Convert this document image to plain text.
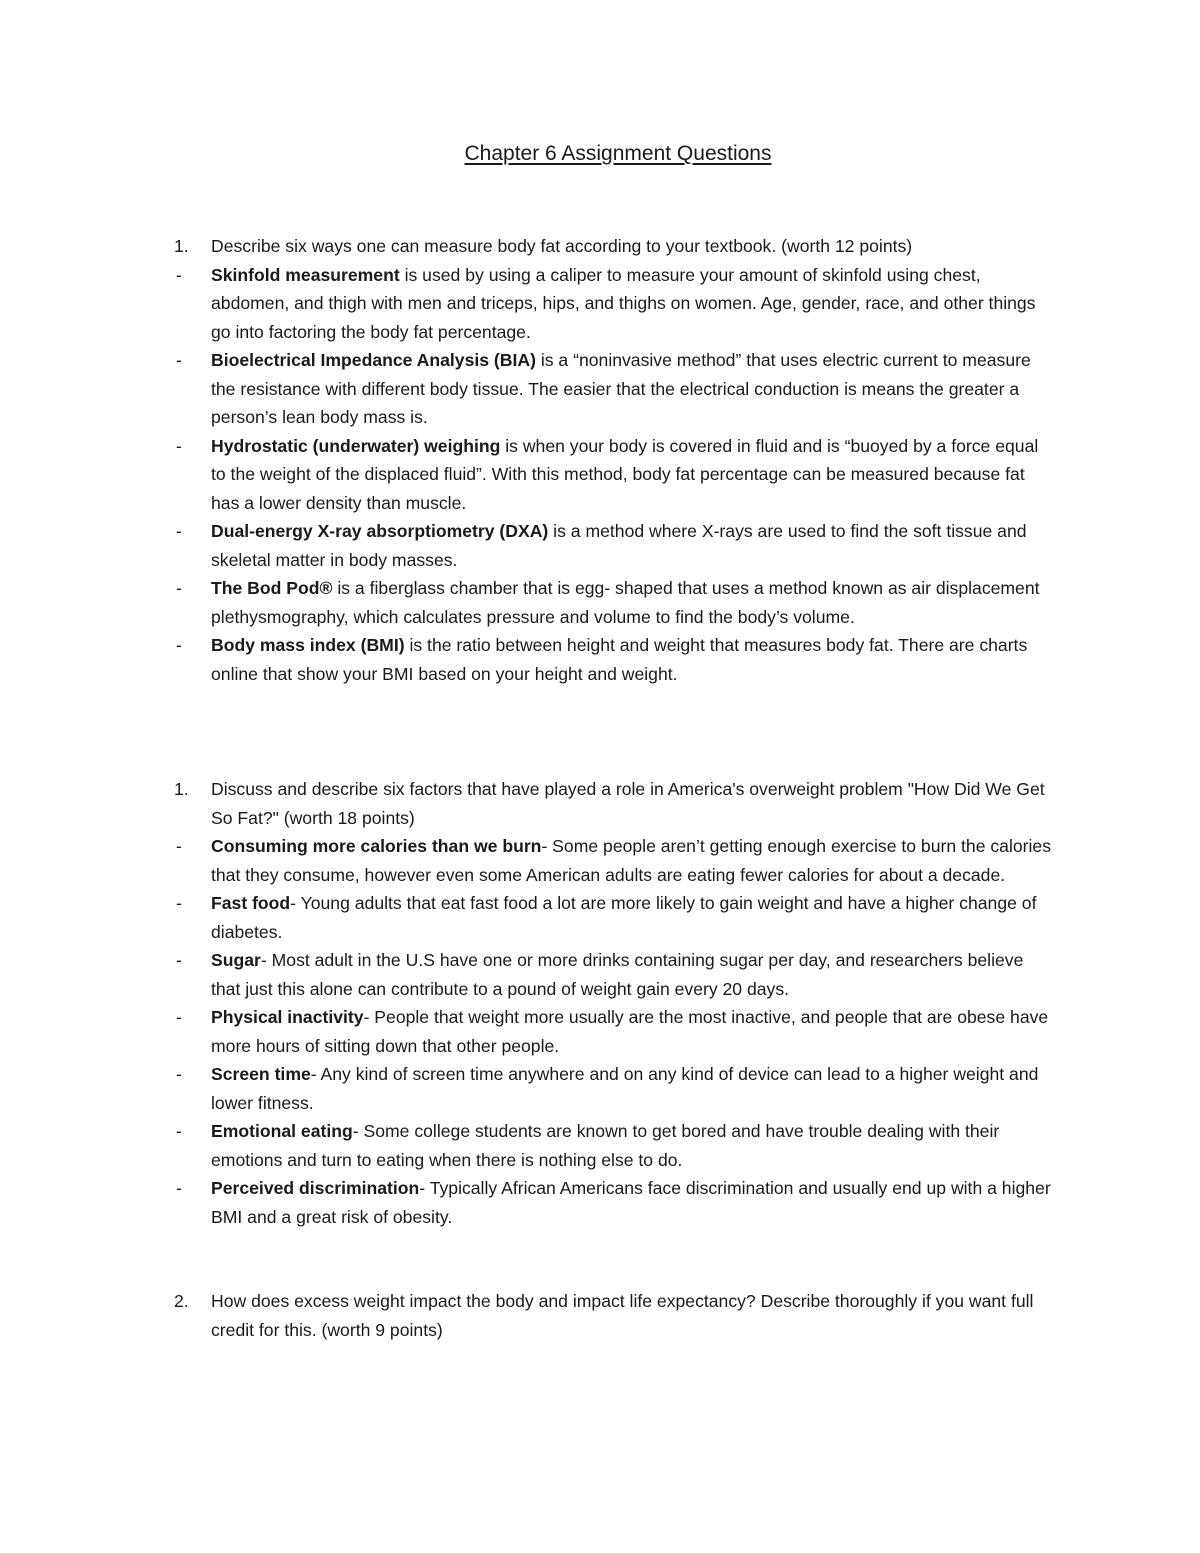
Chapter 6 Assignment Questions
1.	Describe six ways one can measure body fat according to your textbook. (worth 12 points)
-	Skinfold measurement is used by using a caliper to measure your amount of skinfold using chest, abdomen, and thigh with men and triceps, hips, and thighs on women. Age, gender, race, and other things go into factoring the body fat percentage.
-	Bioelectrical Impedance Analysis (BIA) is a “noninvasive method” that uses electric current to measure the resistance with different body tissue. The easier that the electrical conduction is means the greater a person’s lean body mass is.
-	Hydrostatic (underwater) weighing is when your body is covered in fluid and is “buoyed by a force equal to the weight of the displaced fluid”. With this method, body fat percentage can be measured because fat has a lower density than muscle.
-	Dual-energy X-ray absorptiometry (DXA) is a method where X-rays are used to find the soft tissue and skeletal matter in body masses.
-	The Bod Pod® is a fiberglass chamber that is egg- shaped that uses a method known as air displacement plethysmography, which calculates pressure and volume to find the body’s volume.
-	Body mass index (BMI) is the ratio between height and weight that measures body fat. There are charts online that show your BMI based on your height and weight.
1.	Discuss and describe six factors that have played a role in America's overweight problem "How Did We Get So Fat?" (worth 18 points)
-	Consuming more calories than we burn- Some people aren’t getting enough exercise to burn the calories that they consume, however even some American adults are eating fewer calories for about a decade.
-	Fast food- Young adults that eat fast food a lot are more likely to gain weight and have a higher change of diabetes.
-	Sugar- Most adult in the U.S have one or more drinks containing sugar per day, and researchers believe that just this alone can contribute to a pound of weight gain every 20 days.
-	Physical inactivity- People that weight more usually are the most inactive, and people that are obese have more hours of sitting down that other people.
-	Screen time- Any kind of screen time anywhere and on any kind of device can lead to a higher weight and lower fitness.
-	Emotional eating- Some college students are known to get bored and have trouble dealing with their emotions and turn to eating when there is nothing else to do.
-	Perceived discrimination- Typically African Americans face discrimination and usually end up with a higher BMI and a great risk of obesity.
2.	How does excess weight impact the body and impact life expectancy? Describe thoroughly if you want full credit for this. (worth 9 points)
